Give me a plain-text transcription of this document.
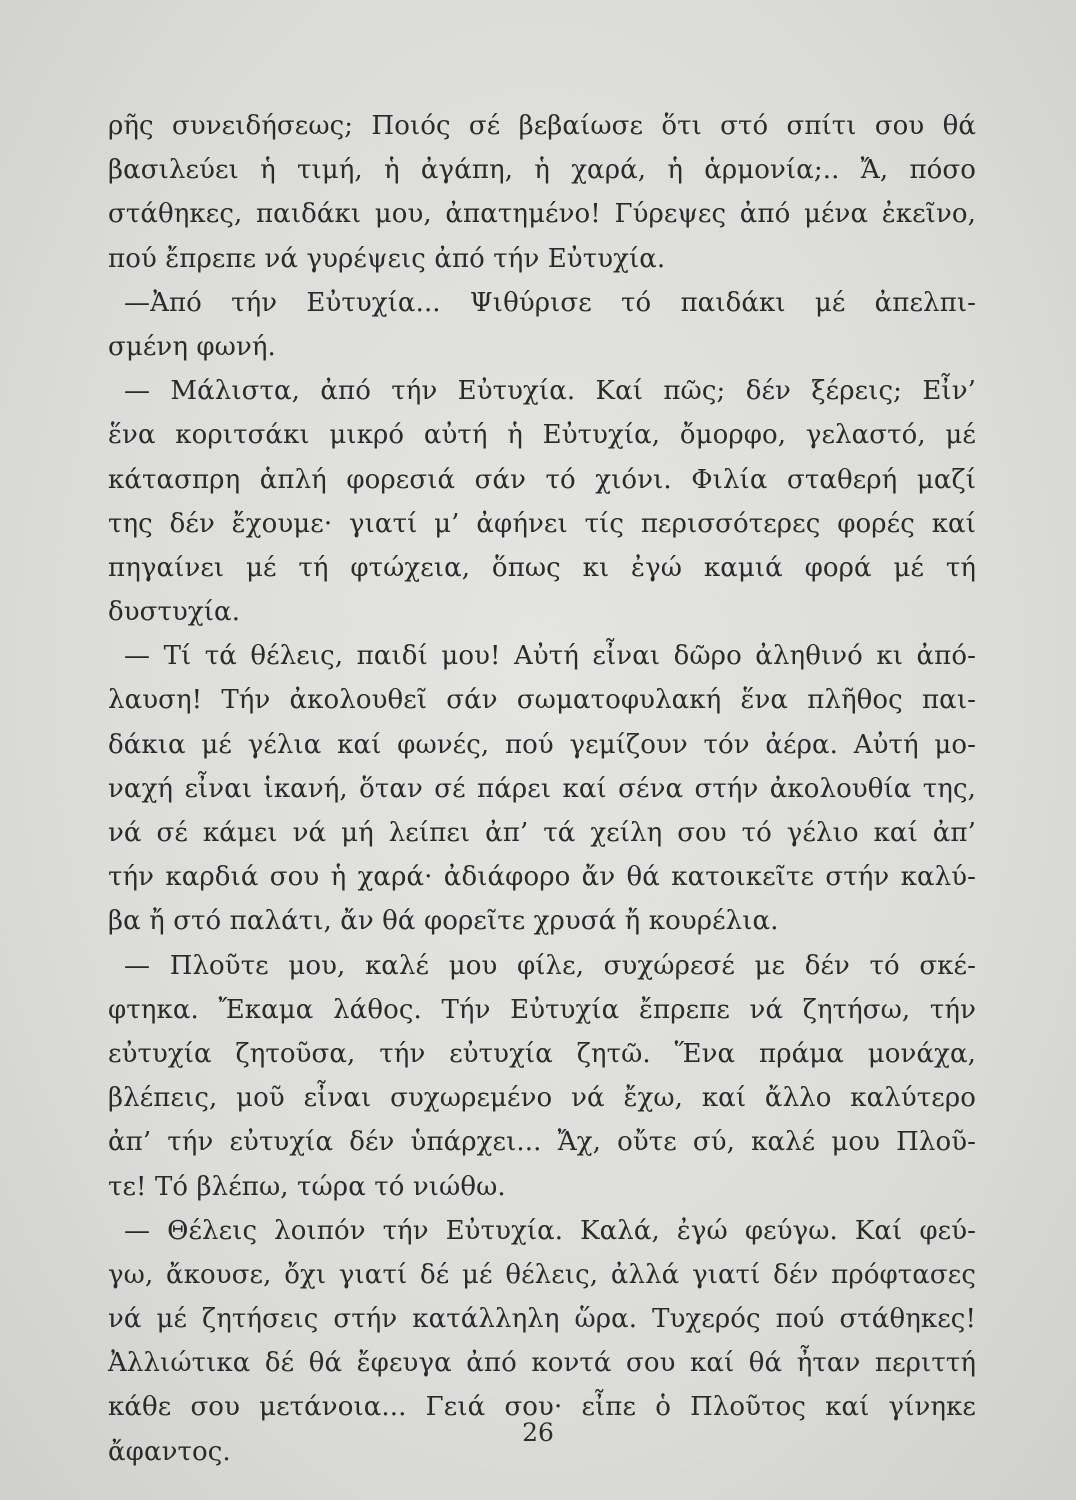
ρῆς συνειδήσεως; Ποιός σέ βεβαίωσε ὅτι στό σπίτι σου θά
βασιλεύει ἡ τιμή, ἡ ἀγάπη, ἡ χαρά, ἡ ἁρμονία;.. Ἄ, πόσο
στάθηκες, παιδάκι μου, ἀπατημένο! Γύρεψες ἀπό μένα ἐκεῖνο,
πού ἔπρεπε νά γυρέψεις ἀπό τήν Εὐτυχία.
—Ἀπό τήν Εὐτυχία... Ψιθύρισε τό παιδάκι μέ ἀπελπι-
σμένη φωνή.
— Μάλιστα, ἀπό τήν Εὐτυχία. Καί πῶς; δέν ξέρεις; Εἶν’
ἕνα κοριτσάκι μικρό αὐτή ἡ Εὐτυχία, ὄμορφο, γελαστό, μέ
κάτασπρη ἁπλή φορεσιά σάν τό χιόνι. Φιλία σταθερή μαζί
της δέν ἔχουμε· γιατί μ’ ἀφήνει τίς περισσότερες φορές καί
πηγαίνει μέ τή φτώχεια, ὅπως κι ἐγώ καμιά φορά μέ τή
δυστυχία.
— Τί τά θέλεις, παιδί μου! Αὐτή εἶναι δῶρο ἀληθινό κι ἀπό-
λαυση! Τήν ἀκολουθεῖ σάν σωματοφυλακή ἕνα πλῆθος παι-
δάκια μέ γέλια καί φωνές, πού γεμίζουν τόν ἀέρα. Αὐτή μο-
ναχή εἶναι ἱκανή, ὅταν σέ πάρει καί σένα στήν ἀκολουθία της,
νά σέ κάμει νά μή λείπει ἀπ’ τά χείλη σου τό γέλιο καί ἀπ’
τήν καρδιά σου ἡ χαρά· ἀδιάφορο ἄν θά κατοικεῖτε στήν καλύ-
βα ἤ στό παλάτι, ἄν θά φορεῖτε χρυσά ἤ κουρέλια.
— Πλοῦτε μου, καλέ μου φίλε, συχώρεσέ με δέν τό σκέ-
φτηκα. Ἔκαμα λάθος. Τήν Εὐτυχία ἔπρεπε νά ζητήσω, τήν
εὐτυχία ζητοῦσα, τήν εὐτυχία ζητῶ. Ἕνα πράμα μονάχα,
βλέπεις, μοῦ εἶναι συχωρεμένο νά ἔχω, καί ἄλλο καλύτερο
ἀπ’ τήν εὐτυχία δέν ὑπάρχει... Ἄχ, οὔτε σύ, καλέ μου Πλοῦ-
τε! Τό βλέπω, τώρα τό νιώθω.
— Θέλεις λοιπόν τήν Εὐτυχία. Καλά, ἐγώ φεύγω. Καί φεύ-
γω, ἄκουσε, ὄχι γιατί δέ μέ θέλεις, ἀλλά γιατί δέν πρόφτασες
νά μέ ζητήσεις στήν κατάλληλη ὥρα. Τυχερός πού στάθηκες!
Ἀλλιώτικα δέ θά ἔφευγα ἀπό κοντά σου καί θά ἦταν περιττή
κάθε σου μετάνοια... Γειά σου· εἶπε ὁ Πλοῦτος καί γίνηκε
ἄφαντος.
26
